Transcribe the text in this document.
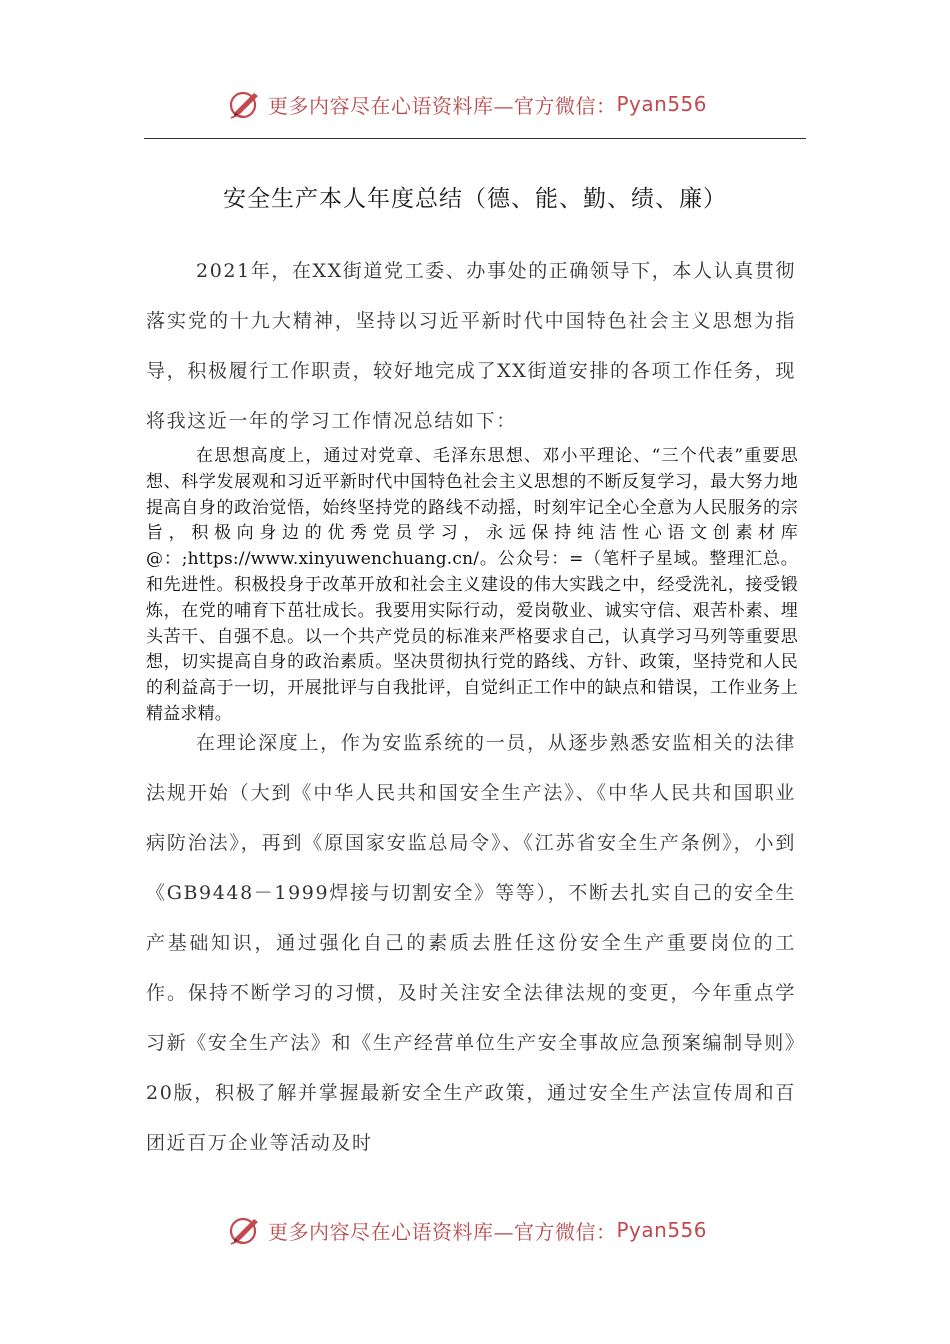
更多内容尽在心语资料库—官方微信： Pyan556
安全生产本人年度总结（德、能、勤、绩、廉）
2021年，在XX街道党工委、办事处的正确领导下，本人认真贯彻落实党的十九大精神，坚持以习近平新时代中国特色社会主义思想为指导，积极履行工作职责，较好地完成了XX街道安排的各项工作任务，现将我这近一年的学习工作情况总结如下：
在思想高度上，通过对党章、毛泽东思想、邓小平理论、“三个代表”重要思想、科学发展观和习近平新时代中国特色社会主义思想的不断反复学习，最大努力地提高自身的政治觉悟，始终坚持党的路线不动摇，时刻牢记全心全意为人民服务的宗旨，积极向身边的优秀党员学习，永远保持纯洁性心语文创素材库@：;https://www.xinyuwenchuang.cn/。公众号：=（笔杆子星域。整理汇总。和先进性。积极投身于改革开放和社会主义建设的伟大实践之中，经受洗礼，接受锻炼，在党的哺育下茁壮成长。我要用实际行动，爱岗敬业、诚实守信、艰苦朴素、埋头苦干、自强不息。以一个共产党员的标准来严格要求自己，认真学习马列等重要思想，切实提高自身的政治素质。坚决贯彻执行党的路线、方针、政策，坚持党和人民的利益高于一切，开展批评与自我批评，自觉纠正工作中的缺点和错误，工作业务上精益求精。
在理论深度上，作为安监系统的一员，从逐步熟悉安监相关的法律法规开始（大到《中华人民共和国安全生产法》、《中华人民共和国职业病防治法》，再到《原国家安监总局令》、《江苏省安全生产条例》，小到《GB9448－1999焊接与切割安全》等等），不断去扎实自己的安全生产基础知识，通过强化自己的素质去胜任这份安全生产重要岗位的工作。保持不断学习的习惯，及时关注安全法律法规的变更，今年重点学习新《安全生产法》和《生产经营单位生产安全事故应急预案编制导则》20版，积极了解并掌握最新安全生产政策，通过安全生产法宣传周和百团近百万企业等活动及时
更多内容尽在心语资料库—官方微信： Pyan556
